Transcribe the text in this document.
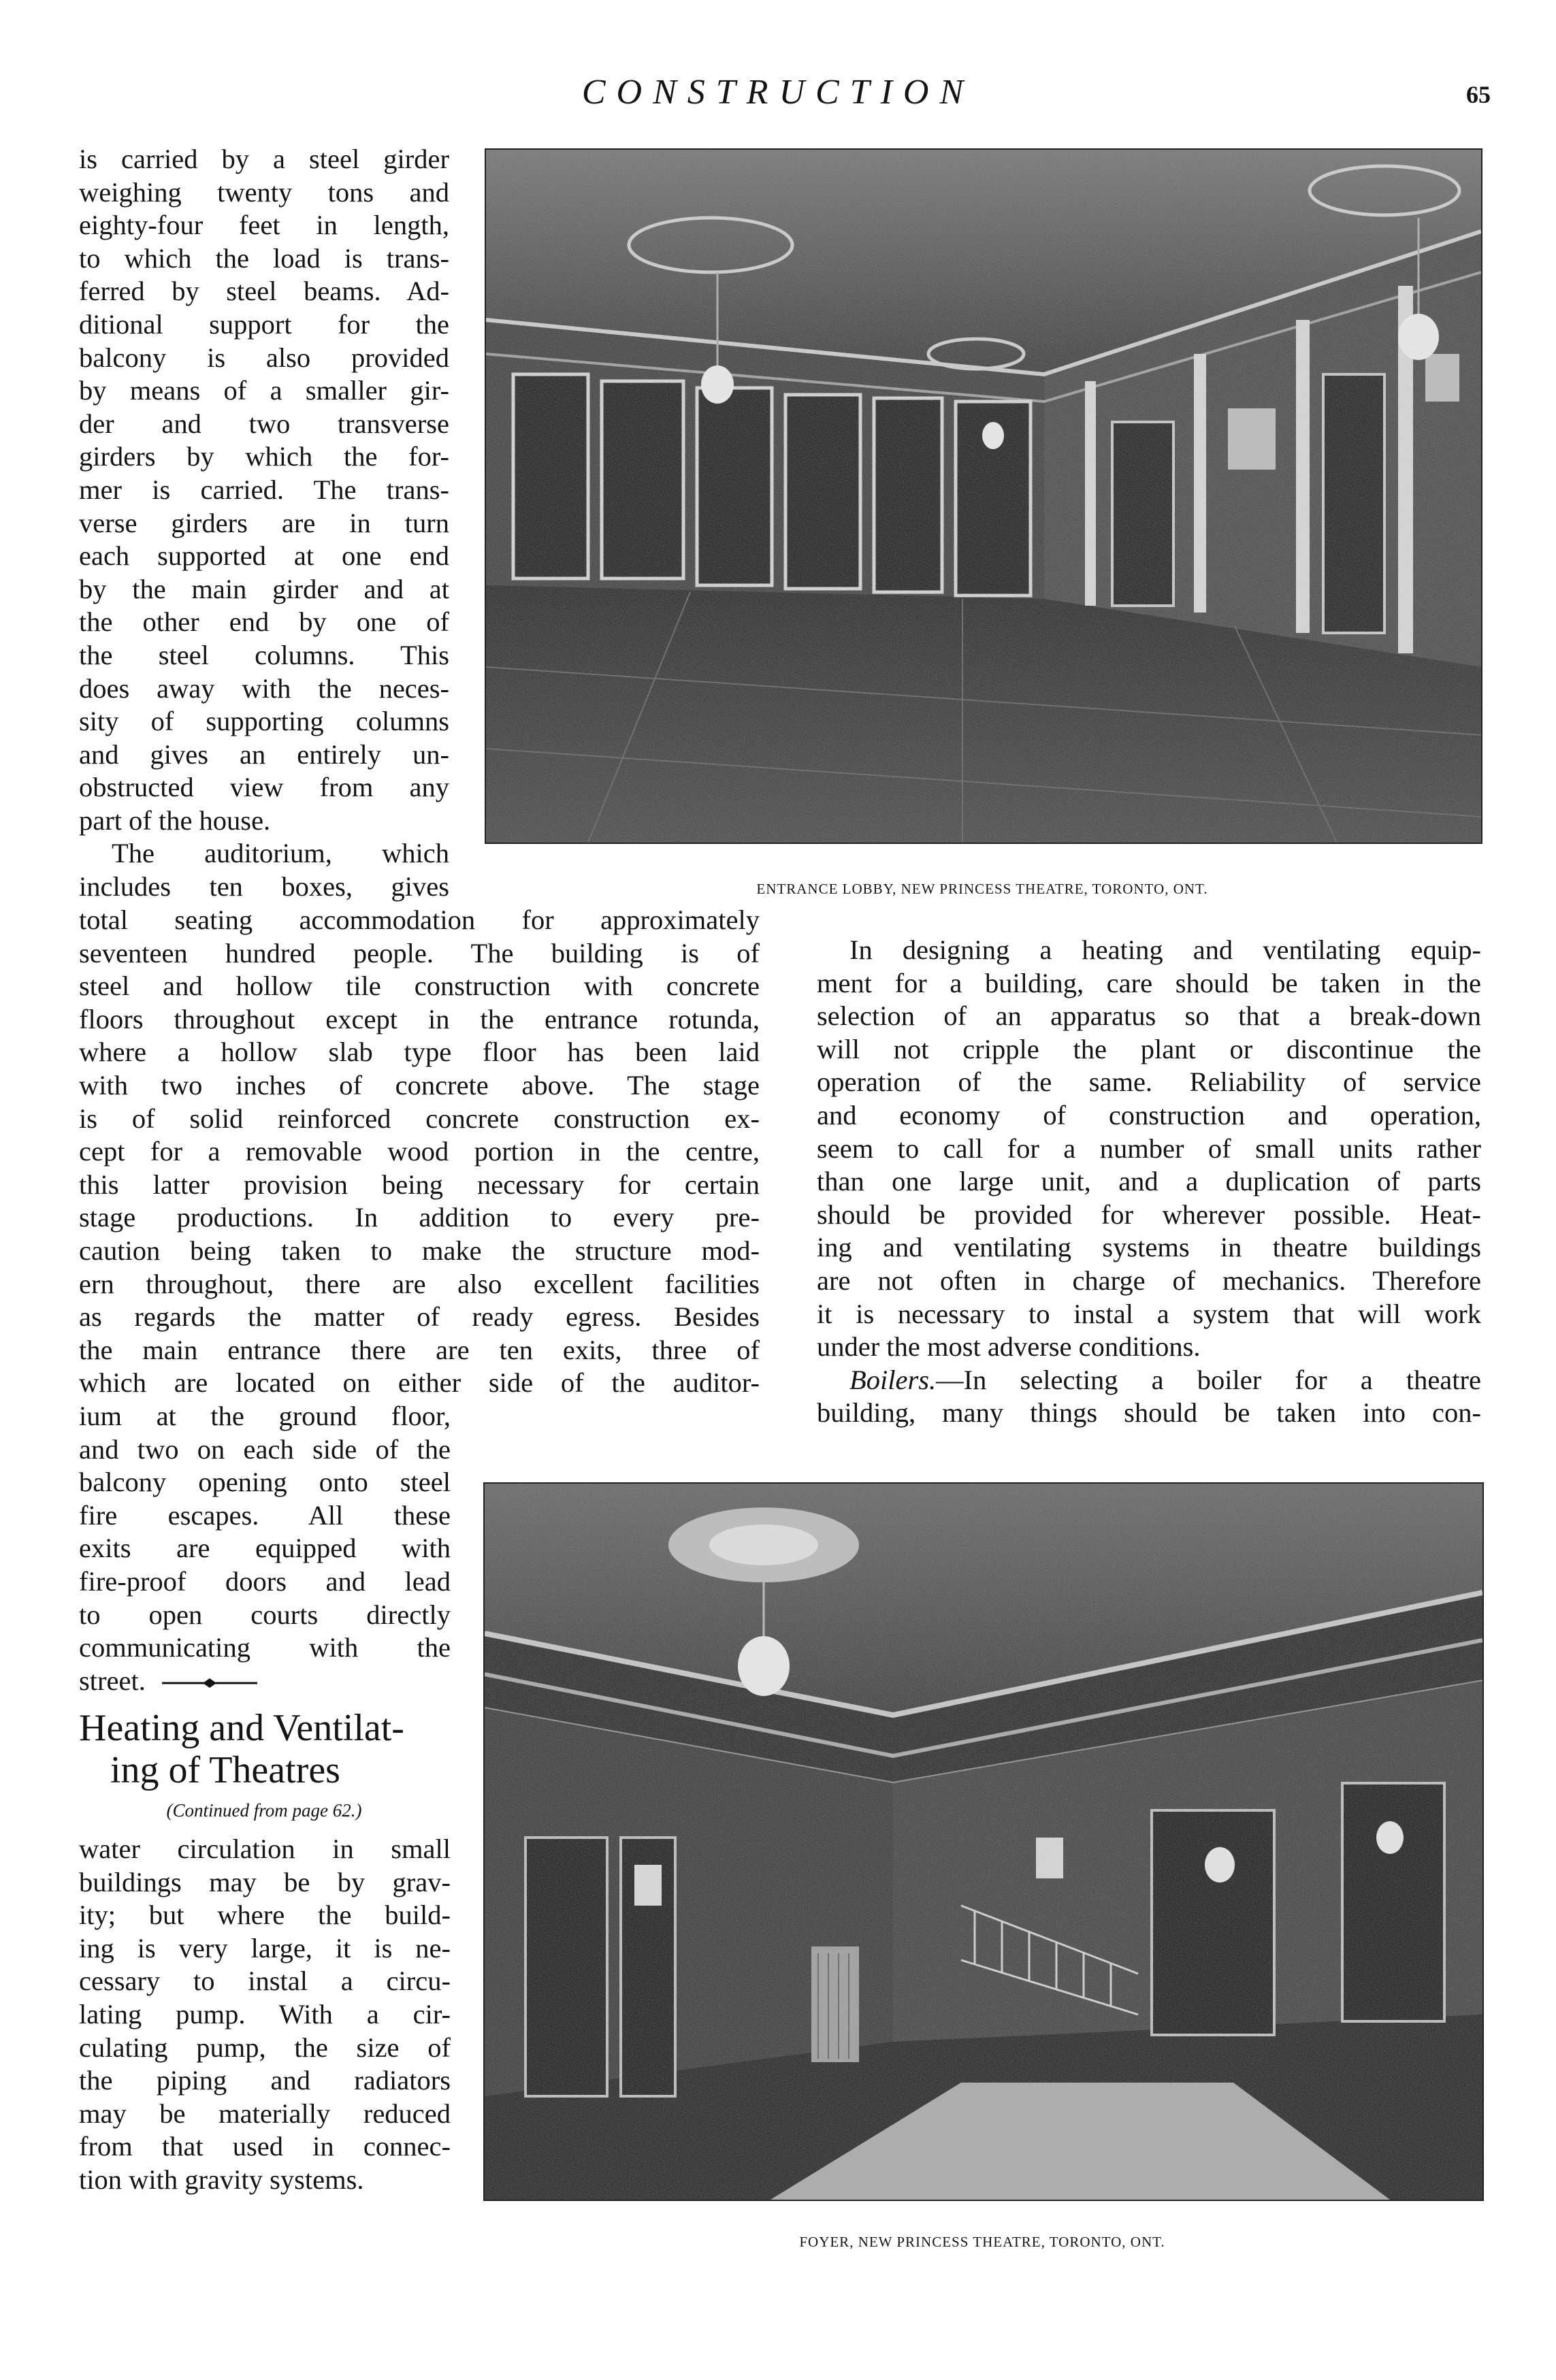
CONSTRUCTION	65
ENTRANCE LOBBY, NEW PRINCESS THEATRE, TORONTO, ONT.
is carried by a steel girder
weighing twenty tons and
eighty-four feet in length,
to which the load is trans-
ferred by steel beams. Ad-
ditional support for the
balcony is also provided
by means of a smaller gir-
der and two transverse
girders by which the for-
mer is carried. The trans-
verse girders are in turn
each supported at one end
by the main girder and at
the other end by one of
the steel columns. This
does away with the neces-
sity of supporting columns
and gives an entirely un-
obstructed view from any
part of the house.
The auditorium, which
includes ten boxes, gives
total seating accommodation for approximately
seventeen hundred people. The building is of
steel and hollow tile construction with concrete
floors throughout except in the entrance rotunda,
where a hollow slab type floor has been laid
with two inches of concrete above. The stage
is of solid reinforced concrete construction ex-
cept for a removable wood portion in the centre,
this latter provision being necessary for certain
stage productions. In addition to every pre-
caution being taken to make the structure mod-
ern throughout, there are also excellent facilities
as regards the matter of ready egress. Besides
the main entrance there are ten exits, three of
which are located on either side of the auditor-
In designing a heating and ventilating equip-
ment for a building, care should be taken in the
selection of an apparatus so that a break-down
will not cripple the plant or discontinue the
operation of the same. Reliability of service
and economy of construction and operation,
seem to call for a number of small units rather
than one large unit, and a duplication of parts
should be provided for wherever possible. Heat-
ing and ventilating systems in theatre buildings
are not often in charge of mechanics. Therefore
it is necessary to instal a system that will work
under the most adverse conditions.
Boilers.—In selecting a boiler for a theatre
building, many things should be taken into con-
ium at the ground floor,
and two on each side of the
balcony opening onto steel
fire escapes. All these
exits are equipped with
fire-proof doors and lead
to open courts directly
communicating with the
street.
Heating and Ventilat-
ing of Theatres
(Continued from page 62.)
water circulation in small
buildings may be by grav-
ity; but where the build-
ing is very large, it is ne-
cessary to instal a circu-
lating pump. With a cir-
culating pump, the size of
the piping and radiators
may be materially reduced
from that used in connec-
tion with gravity systems.
FOYER, NEW PRINCESS THEATRE, TORONTO, ONT.
